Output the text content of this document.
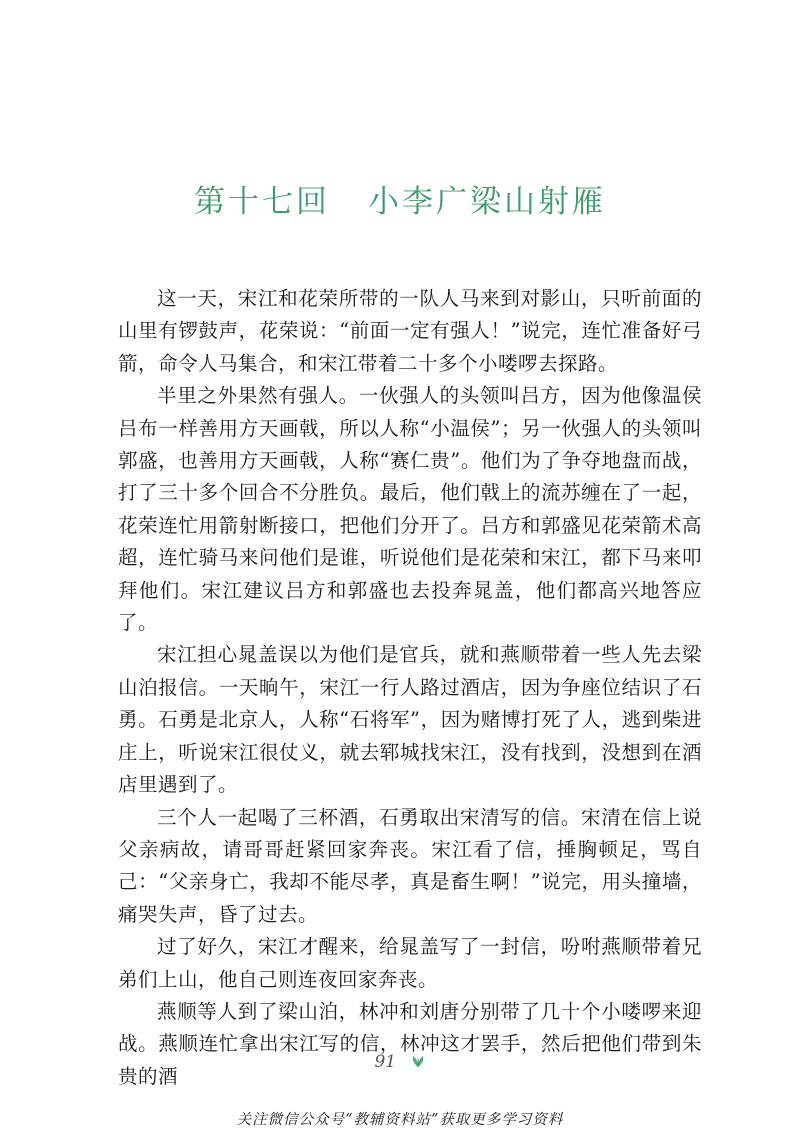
第十七回 小李广梁山射雁

这一天，宋江和花荣所带的一队人马来到对影山，只听前面的山里有锣鼓声，花荣说：“前面一定有强人！”说完，连忙准备好弓箭，命令人马集合，和宋江带着二十多个小喽啰去探路。

半里之外果然有强人。一伙强人的头领叫吕方，因为他像温侯吕布一样善用方天画戟，所以人称“小温侯”；另一伙强人的头领叫郭盛，也善用方天画戟，人称“赛仁贵”。他们为了争夺地盘而战，打了三十多个回合不分胜负。最后，他们戟上的流苏缠在了一起，花荣连忙用箭射断接口，把他们分开了。吕方和郭盛见花荣箭术高超，连忙骑马来问他们是谁，听说他们是花荣和宋江，都下马来叩拜他们。宋江建议吕方和郭盛也去投奔晁盖，他们都高兴地答应了。

宋江担心晁盖误以为他们是官兵，就和燕顺带着一些人先去梁山泊报信。一天晌午，宋江一行人路过酒店，因为争座位结识了石勇。石勇是北京人，人称“石将军”，因为赌博打死了人，逃到柴进庄上，听说宋江很仗义，就去郓城找宋江，没有找到，没想到在酒店里遇到了。

三个人一起喝了三杯酒，石勇取出宋清写的信。宋清在信上说父亲病故，请哥哥赶紧回家奔丧。宋江看了信，捶胸顿足，骂自己：“父亲身亡，我却不能尽孝，真是畜生啊！”说完，用头撞墙，痛哭失声，昏了过去。

过了好久，宋江才醒来，给晁盖写了一封信，吩咐燕顺带着兄弟们上山，他自己则连夜回家奔丧。

燕顺等人到了梁山泊，林冲和刘唐分别带了几十个小喽啰来迎战。燕顺连忙拿出宋江写的信，林冲这才罢手，然后把他们带到朱贵的酒

91
关注微信公众号“教辅资料站”获取更多学习资料
